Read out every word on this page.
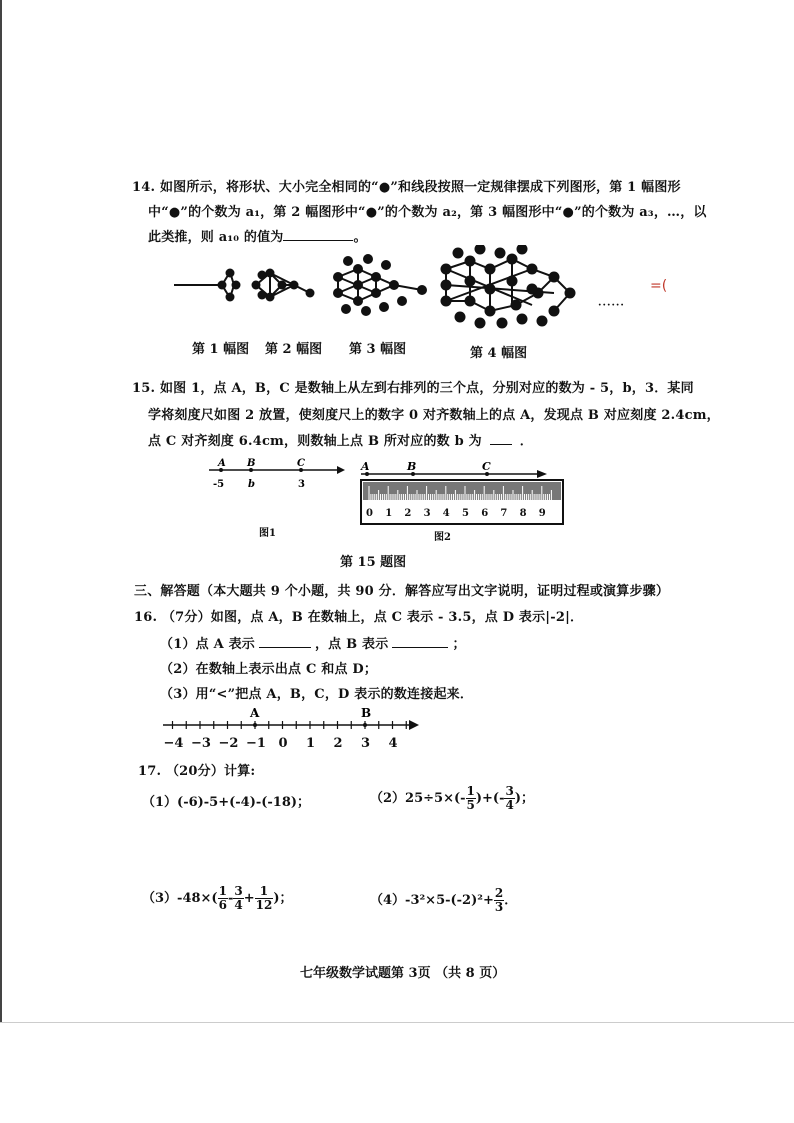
14. 如图所示，将形状、大小完全相同的“●”和线段按照一定规律摆成下列图形，第 1 幅图形
中“●”的个数为 a₁，第 2 幅图形中“●”的个数为 a₂，第 3 幅图形中“●”的个数为 a₃，…，以
此类推，则 a₁₀ 的值为	。
······
=(
第 1 幅图 第 2 幅图 第 3 幅图	第 4 幅图
15. 如图 1，点 A，B，C 是数轴上从左到右排列的三个点，分别对应的数为 - 5，b，3．某同
学将刻度尺如图 2 放置，使刻度尺上的数字 0 对齐数轴上的点 A，发现点 B 对应刻度 2.4cm，
点 C 对齐刻度 6.4cm，则数轴上点 B 所对应的数 b 为	．
A B	C
-5 b	3
图1
A	B	C
0 1 2 3 4 5 6 7 8 9
图2
第 15 题图
三、解答题（本大题共 9 个小题，共 90 分．解答应写出文字说明，证明过程或演算步骤）
16. （7分）如图，点 A，B 在数轴上，点 C 表示 - 3.5，点 D 表示|-2|．
（1）点 A 表示	，点 B 表示	；
（2）在数轴上表示出点 C 和点 D；
（3）用“<”把点 A，B，C，D 表示的数连接起来．
−4 −3 −2 −1 0 1 2 3 4
A	B
17. （20分）计算:
（1）(-6)-5+(-4)-(-18)；	$(2)25\div 5\times(- \frac{1}{5}$ )+(- $\frac{3}{4}$ )；
$(3)-48\times( \frac{1}{6} - \frac{3}{4} + \frac{1}{12}$ )；	$(4)-3^2\times 5-(-2)^2+ \frac{2}{3}$ ．
七年级数学试题第 3页 （共 8 页）
